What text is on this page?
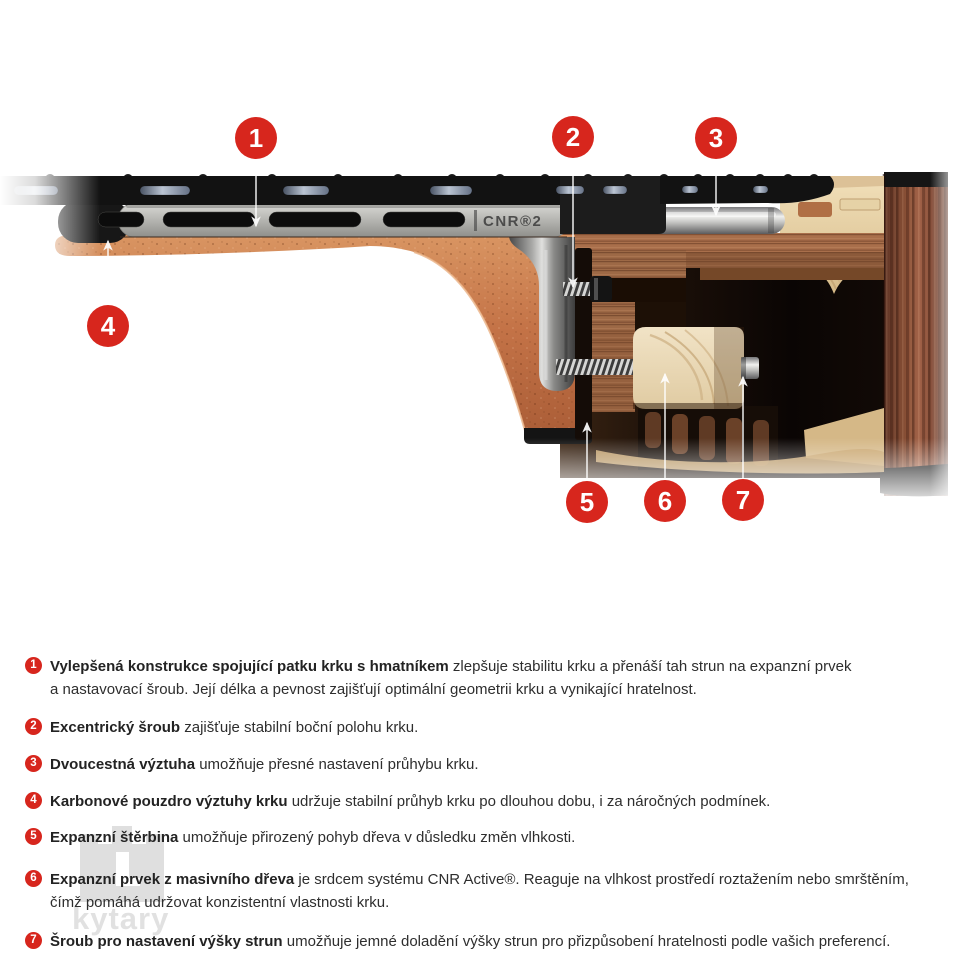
CNR®2
1	2	3
4
5 6 7
kytary
1 Vylepšená konstrukce spojující patku krku s hmatníkem zlepšuje stabilitu krku a přenáší tah strun na expanzní prvek
a nastavovací šroub. Její délka a pevnost zajišťují optimální geometrii krku a vynikající hratelnost.
2 Excentrický šroub zajišťuje stabilní boční polohu krku.
3 Dvoucestná výztuha umožňuje přesné nastavení průhybu krku.
4 Karbonové pouzdro výztuhy krku udržuje stabilní průhyb krku po dlouhou dobu, i za náročných podmínek.
5 Expanzní štěrbina umožňuje přirozený pohyb dřeva v důsledku změn vlhkosti.
6 Expanzní prvek z masivního dřeva je srdcem systému CNR Active®. Reaguje na vlhkost prostředí roztažením nebo smrštěním,
čímž pomáhá udržovat konzistentní vlastnosti krku.
7 Šroub pro nastavení výšky strun umožňuje jemné doladění výšky strun pro přizpůsobení hratelnosti podle vašich preferencí.
